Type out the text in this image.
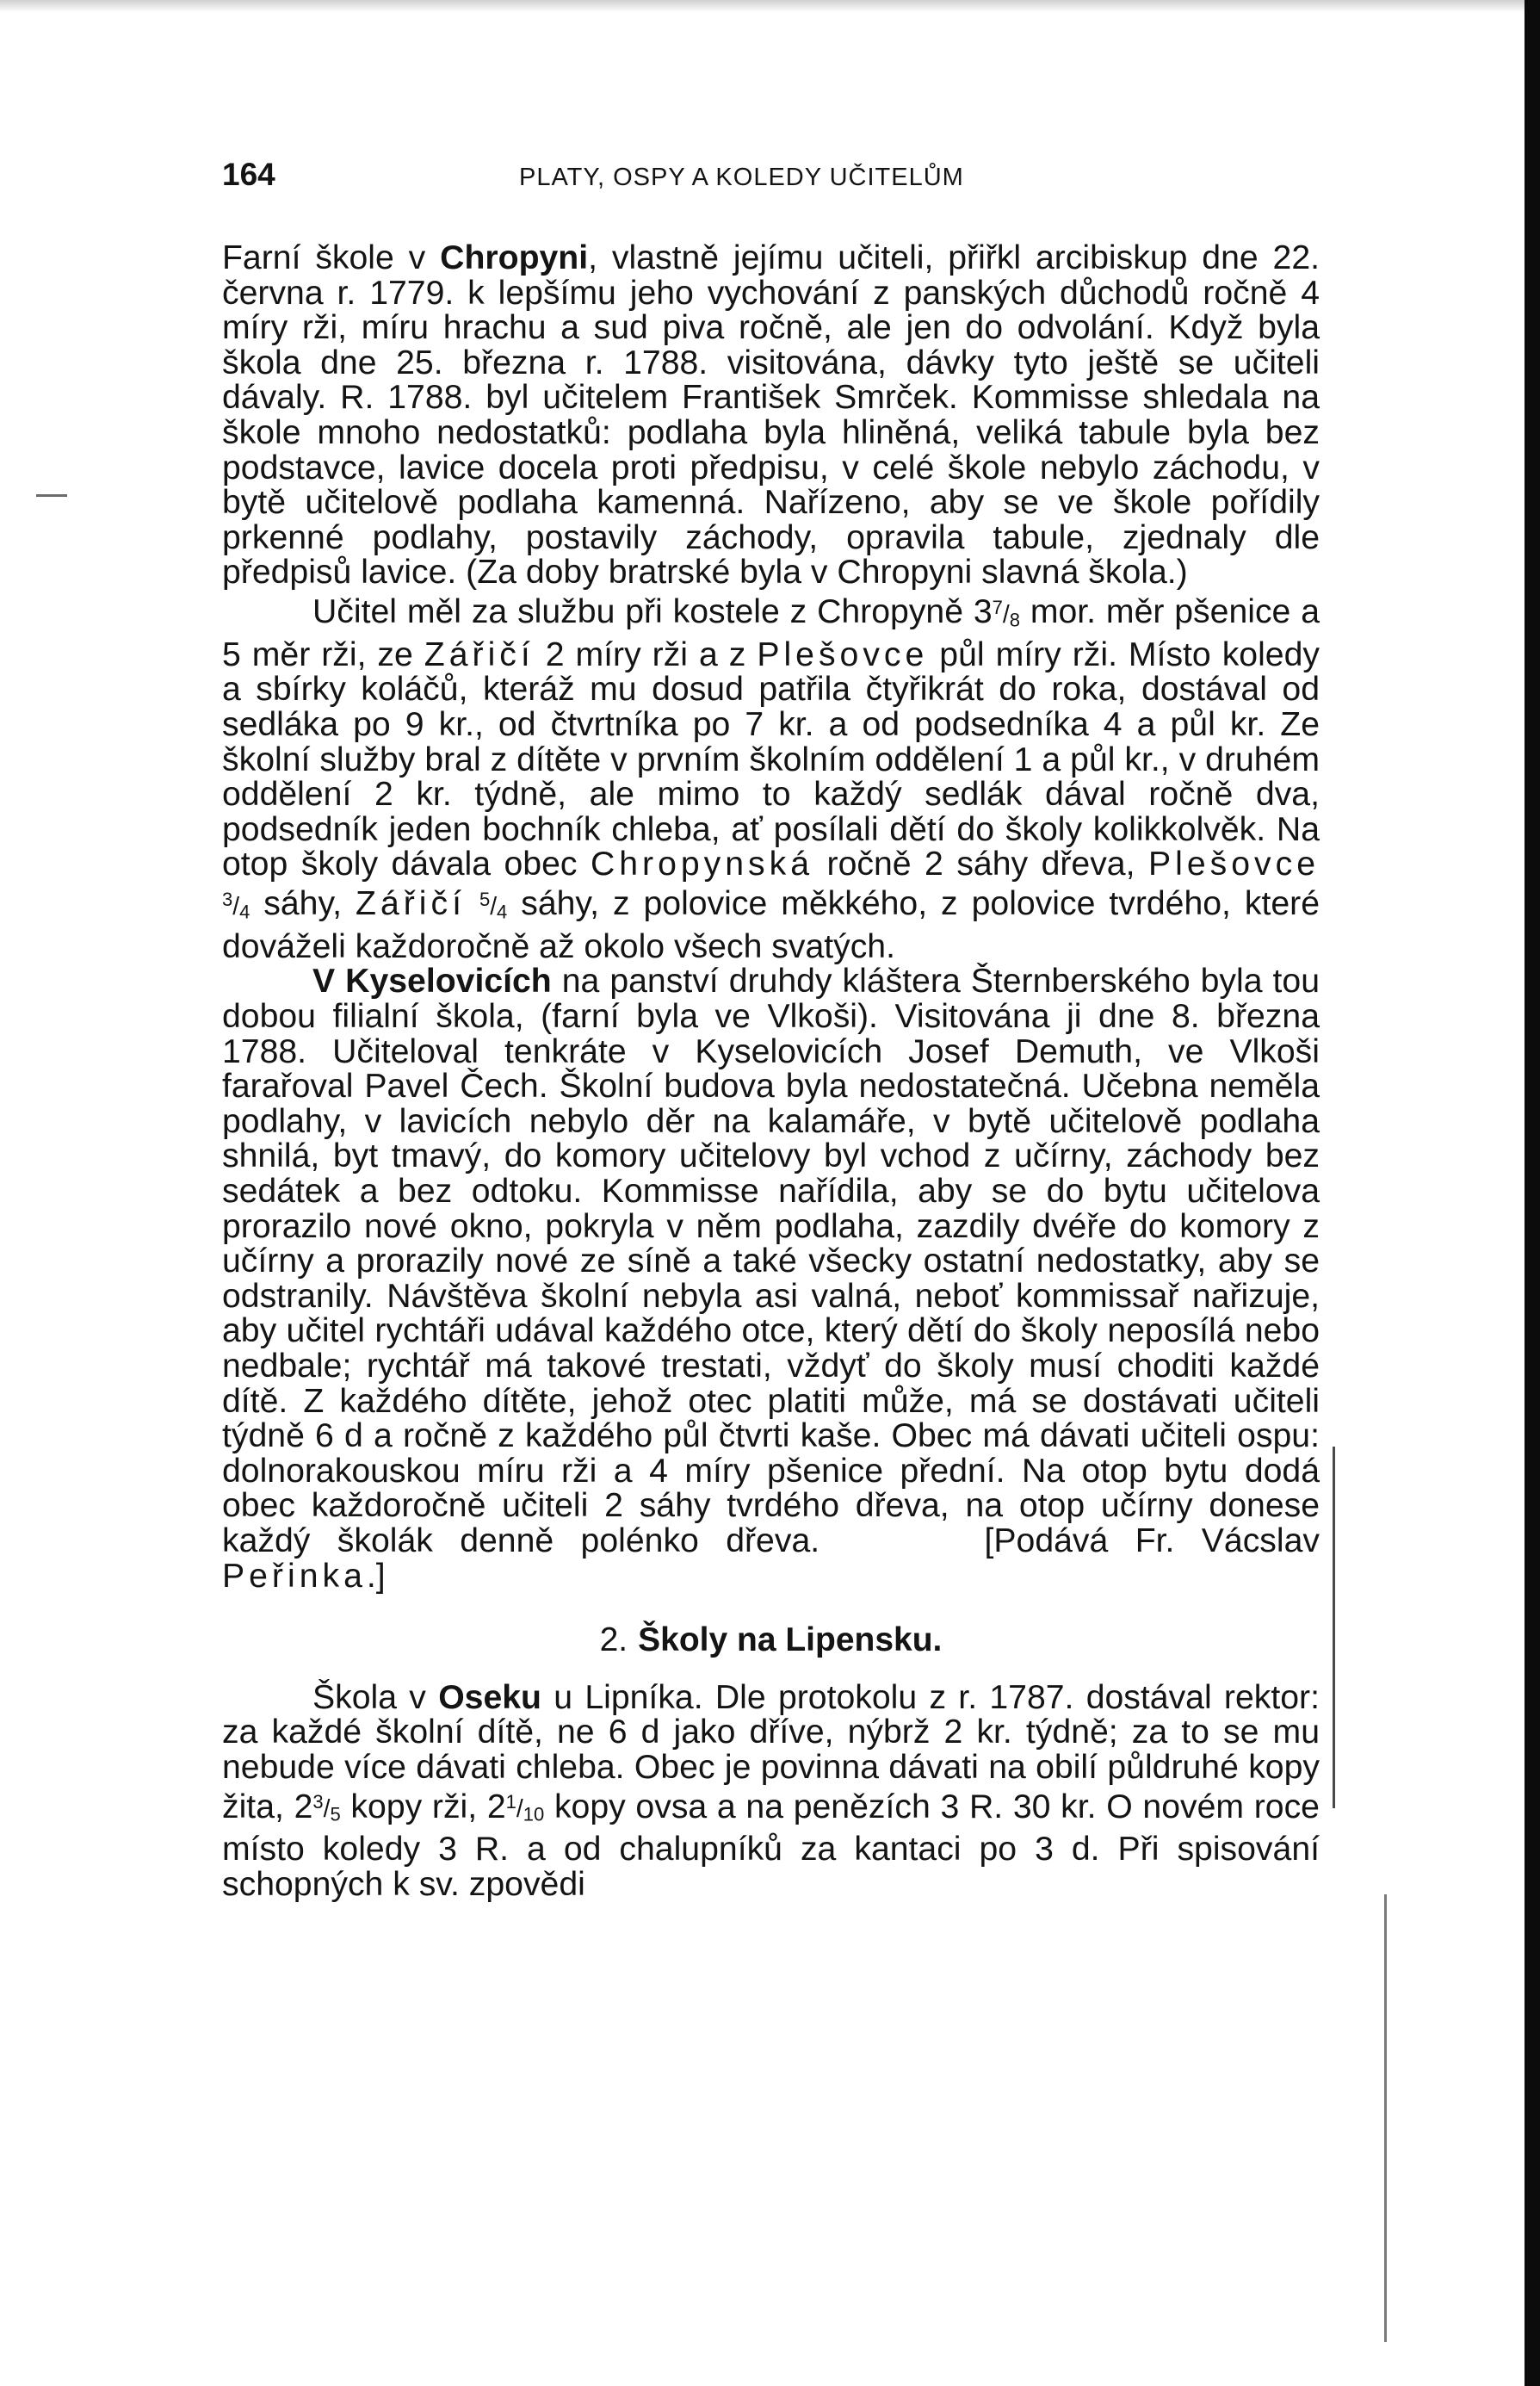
164	PLATY, OSPY A KOLEDY UČITELŮM

Farní škole v Chropyni, vlastně jejímu učiteli, přiřkl arcibiskup dne 22. června r. 1779. k lepšímu jeho vychování z panských důchodů ročně 4 míry rži, míru hrachu a sud piva ročně, ale jen do odvolání. Když byla škola dne 25. března r. 1788. visitována, dávky tyto ještě se učiteli dávaly. R. 1788. byl učitelem František Smrček. Kommisse shledala na škole mnoho nedostatků: podlaha byla hliněná, veliká tabule byla bez podstavce, lavice docela proti předpisu, v celé škole nebylo záchodu, v bytě učitelově podlaha kamenná. Nařízeno, aby se ve škole pořídily prkenné podlahy, postavily záchody, opravila tabule, zjednaly dle předpisů lavice. (Za doby bratrské byla v Chropyni slavná škola.)

Učitel měl za službu při kostele z Chropyně $3^7/_8$ mor. měr pšenice a 5 měr rži, ze Zářičí 2 míry rži a z Plešovce půl míry rži. Místo koledy a sbírky koláčů, kteráž mu dosud patřila čtyřikrát do roka, dostával od sedláka po 9 kr., od čtvrtníka po 7 kr. a od podsedníka 4 a půl kr. Ze školní služby bral z dítěte v prvním školním oddělení 1 a půl kr., v druhém oddělení 2 kr. týdně, ale mimo to každý sedlák dával ročně dva, podsedník jeden bochník chleba, ať posílali dětí do školy kolikkolvěk. Na otop školy dávala obec Chropynská ročně 2 sáhy dřeva, Plešovce $^3/_4$ sáhy, Zářičí $^5/_4$ sáhy, z polovice měkkého, z polovice tvrdého, které dováželi každoročně až okolo všech svatých.

V Kyselovicích na panství druhdy kláštera Šternberského byla tou dobou filialní škola, (farní byla ve Vlkoši). Visitována ji dne 8. března 1788. Učiteloval tenkráte v Kyselovicích Josef Demuth, ve Vlkoši farařoval Pavel Čech. Školní budova byla nedostatečná. Učebna neměla podlahy, v lavicích nebylo děr na kalamáře, v bytě učitelově podlaha shnilá, byt tmavý, do komory učitelovy byl vchod z učírny, záchody bez sedátek a bez odtoku. Kommisse nařídila, aby se do bytu učitelova prorazilo nové okno, pokryla v něm podlaha, zazdily dvéře do komory z učírny a prorazily nové ze síně a také všecky ostatní nedostatky, aby se odstranily. Návštěva školní nebyla asi valná, neboť kommissař nařizuje, aby učitel rychtáři udával každého otce, který dětí do školy neposílá nebo nedbale; rychtář má takové trestati, vždyť do školy musí choditi každé dítě. Z každého dítěte, jehož otec platiti může, má se dostávati učiteli týdně 6 d a ročně z každého půl čtvrti kaše. Obec má dávati učiteli ospu: dolnorakouskou míru rži a 4 míry pšenice přední. Na otop bytu dodá obec každoročně učiteli 2 sáhy tvrdého dřeva, na otop učírny donese každý školák denně polénko dřeva.	[Podává Fr. Vácslav Peřinka.]

2. Školy na Lipensku.

Škola v Oseku u Lipníka. Dle protokolu z r. 1787. dostával rektor: za každé školní dítě, ne 6 d jako dříve, nýbrž 2 kr. týdně; za to se mu nebude více dávati chleba. Obec je povinna dávati na obilí půldruhé kopy žita, $2^3/_5$ kopy rži, $2^1/_{10}$ kopy ovsa a na penězích 3 R. 30 kr. O novém roce místo koledy 3 R. a od chalupníků za kantaci po 3 d. Při spisování schopných k sv. zpovědi
